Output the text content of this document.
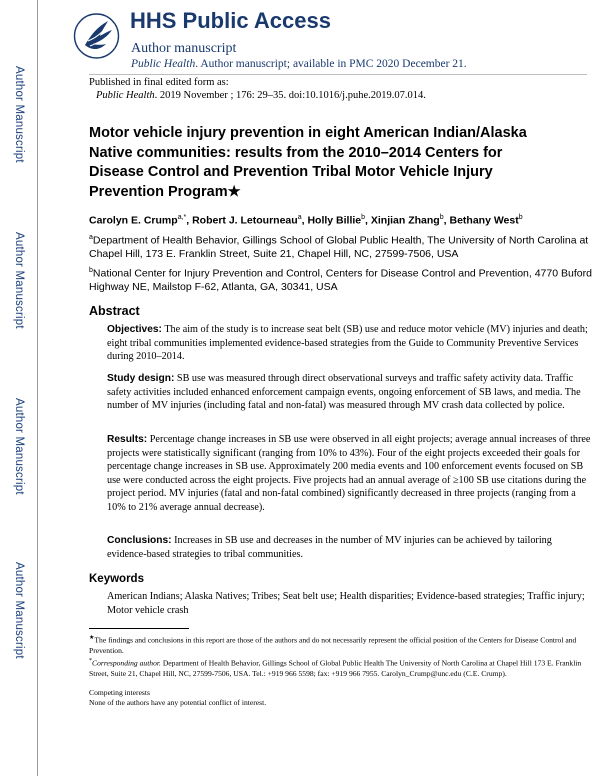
Author Manuscript
Author Manuscript
Author Manuscript
Author Manuscript
HHS Public Access
Author manuscript
Public Health. Author manuscript; available in PMC 2020 December 21.
Published in final edited form as:
Public Health. 2019 November ; 176: 29–35. doi:10.1016/j.puhe.2019.07.014.
Motor vehicle injury prevention in eight American Indian/Alaska Native communities: results from the 2010–2014 Centers for Disease Control and Prevention Tribal Motor Vehicle Injury Prevention Program★
Carolyn E. Crump$^{a,*}$, Robert J. Letourneau$^a$, Holly Billie$^b$, Xinjian Zhang$^b$, Bethany West$^b$
$^a$Department of Health Behavior, Gillings School of Global Public Health, The University of North Carolina at Chapel Hill, 173 E. Franklin Street, Suite 21, Chapel Hill, NC, 27599-7506, USA
$^b$National Center for Injury Prevention and Control, Centers for Disease Control and Prevention, 4770 Buford Highway NE, Mailstop F-62, Atlanta, GA, 30341, USA
Abstract
Objectives: The aim of the study is to increase seat belt (SB) use and reduce motor vehicle (MV) injuries and death; eight tribal communities implemented evidence-based strategies from the Guide to Community Preventive Services during 2010–2014.
Study design: SB use was measured through direct observational surveys and traffic safety activity data. Traffic safety activities included enhanced enforcement campaign events, ongoing enforcement of SB laws, and media. The number of MV injuries (including fatal and non-fatal) was measured through MV crash data collected by police.
Results: Percentage change increases in SB use were observed in all eight projects; average annual increases of three projects were statistically significant (ranging from 10% to 43%). Four of the eight projects exceeded their goals for percentage change increases in SB use. Approximately 200 media events and 100 enforcement events focused on SB use were conducted across the eight projects. Five projects had an annual average of ≥100 SB use citations during the project period. MV injuries (fatal and non-fatal combined) significantly decreased in three projects (ranging from a 10% to 21% average annual decrease).
Conclusions: Increases in SB use and decreases in the number of MV injuries can be achieved by tailoring evidence-based strategies to tribal communities.
Keywords
American Indians; Alaska Natives; Tribes; Seat belt use; Health disparities; Evidence-based strategies; Traffic injury; Motor vehicle crash
★The findings and conclusions in this report are those of the authors and do not necessarily represent the official position of the Centers for Disease Control and Prevention.
*Corresponding author. Department of Health Behavior, Gillings School of Global Public Health The University of North Carolina at Chapel Hill 173 E. Franklin Street, Suite 21, Chapel Hill, NC, 27599-7506, USA. Tel.: +919 966 5598; fax: +919 966 7955. Carolyn_Crump@unc.edu (C.E. Crump).
Competing interests
None of the authors have any potential conflict of interest.
